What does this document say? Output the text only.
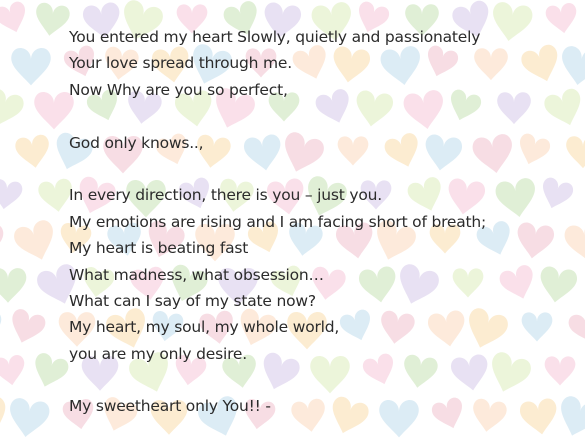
You entered my heart Slowly, quietly and passionately
Your love spread through me.
Now Why are you so perfect,
God only knows..,
In every direction, there is you – just you.
My emotions are rising and I am facing short of breath;
My heart is beating fast
What madness, what obsession…
What can I say of my state now?
My heart, my soul, my whole world,
you are my only desire.
My sweetheart only You!! -
